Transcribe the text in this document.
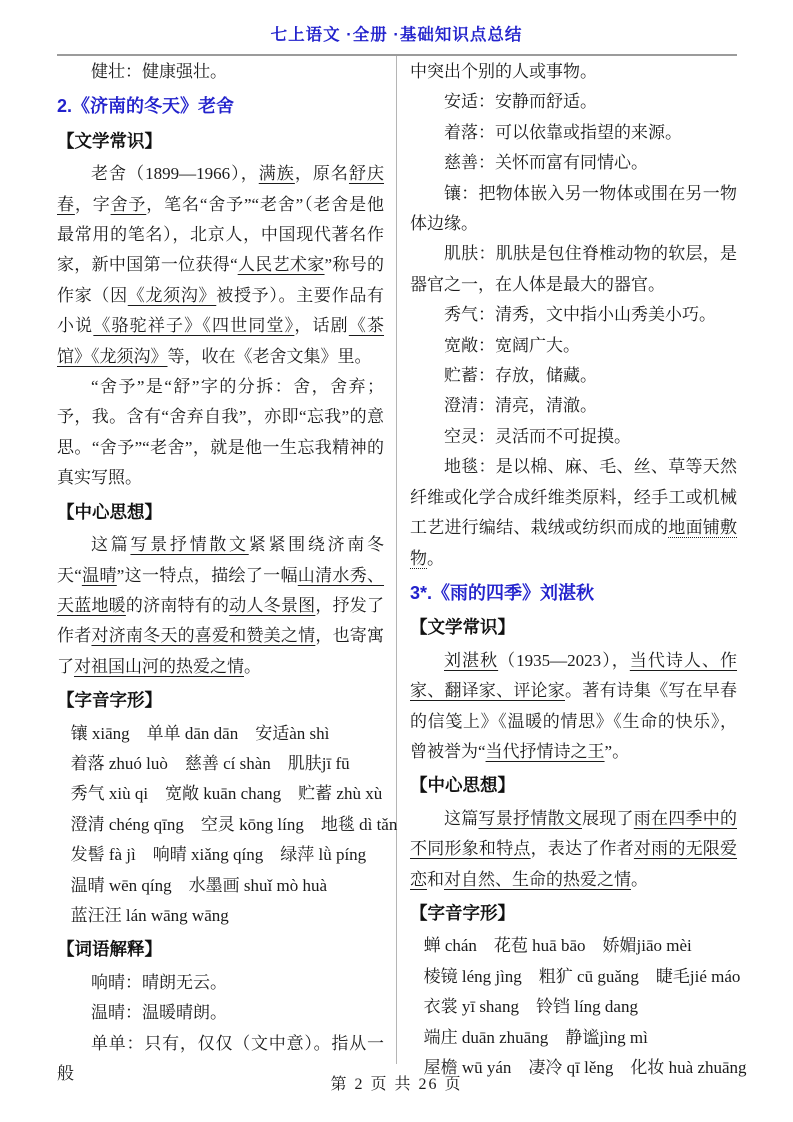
七上语文 ·全册 ·基础知识点总结

健壮：健康强壮。

2.《济南的冬天》老舍
【文学常识】

老舍（1899—1966），满族，原名舒庆春，字舍予，笔名“舍予”“老舍”（老舍是他最常用的笔名），北京人，中国现代著名作家，新中国第一位获得“人民艺术家”称号的作家（因《龙须沟》被授予）。主要作品有小说《骆驼祥子》《四世同堂》，话剧《茶馆》《龙须沟》等，收在《老舍文集》里。

“舍予”是“舒”字的分拆：舍，舍弃；予，我。含有“舍弃自我”，亦即“忘我”的意思。“舍予”“老舍”，就是他一生忘我精神的真实写照。

【中心思想】

这篇写景抒情散文紧紧围绕济南冬天“温晴”这一特点，描绘了一幅山清水秀、天蓝地暖的济南特有的动人冬景图，抒发了作者对济南冬天的喜爱和赞美之情，也寄寓了对祖国山河的热爱之情。

【字音字形】

镶 xiāng　单单 dān dān　安适àn shì

着落 zhuó luò　慈善 cí shàn　肌肤jī fū

秀气 xiù qi　宽敞 kuān chang　贮蓄 zhù xù

澄清 chéng qīng　空灵 kōng líng　地毯 dì tǎn

发髻 fà jì　响晴 xiǎng qíng　绿萍 lǜ píng

温晴 wēn qíng　水墨画 shuǐ mò huà

蓝汪汪 lán wāng wāng

【词语解释】

响晴：晴朗无云。

温晴：温暖晴朗。

单单：只有，仅仅（文中意）。指从一般

中突出个别的人或事物。

安适：安静而舒适。

着落：可以依靠或指望的来源。

慈善：关怀而富有同情心。

镶：把物体嵌入另一物体或围在另一物体边缘。

肌肤：肌肤是包住脊椎动物的软层，是器官之一，在人体是最大的器官。

秀气：清秀，文中指小山秀美小巧。

宽敞：宽阔广大。

贮蓄：存放，储藏。

澄清：清亮，清澈。

空灵：灵活而不可捉摸。

地毯：是以棉、麻、毛、丝、草等天然纤维或化学合成纤维类原料，经手工或机械工艺进行编结、栽绒或纺织而成的地面铺敷物。

3*.《雨的四季》刘湛秋
【文学常识】

刘湛秋（1935—2023），当代诗人、作家、翻译家、评论家。著有诗集《写在早春的信笺上》《温暖的情思》《生命的快乐》，曾被誉为“当代抒情诗之王”。

【中心思想】

这篇写景抒情散文展现了雨在四季中的不同形象和特点，表达了作者对雨的无限爱恋和对自然、生命的热爱之情。

【字音字形】

蝉 chán　花苞 huā bāo　娇媚jiāo mèi

棱镜 léng jìng　粗犷 cū guǎng　睫毛jié máo

衣裳 yī shang　铃铛 líng dang

端庄 duān zhuāng　静谧jìng mì

屋檐 wū yán　凄冷 qī lěng　化妆 huà zhuāng

第 2 页 共 26 页
